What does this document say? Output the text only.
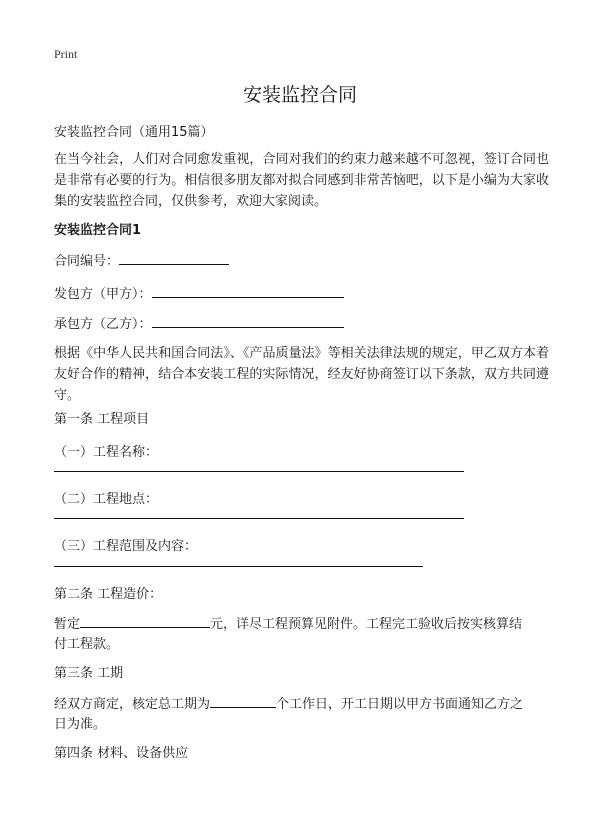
Print
安装监控合同
安装监控合同（通用15篇）
在当今社会，人们对合同愈发重视，合同对我们的约束力越来越不可忽视，签订合同也是非常有必要的行为。相信很多朋友都对拟合同感到非常苦恼吧，以下是小编为大家收集的安装监控合同，仅供参考，欢迎大家阅读。
安装监控合同1
合同编号：
发包方（甲方）：
承包方（乙方）：
根据《中华人民共和国合同法》、《产品质量法》等相关法律法规的规定，甲乙双方本着友好合作的精神，结合本安装工程的实际情况，经友好协商签订以下条款，双方共同遵守。
第一条 工程项目
（一）工程名称：
（二）工程地点：
（三）工程范围及内容：
第二条 工程造价：
暂定	元，详尽工程预算见附件。工程完工验收后按实核算结
付工程款。
第三条 工期
经双方商定，核定总工期为	个工作日，开工日期以甲方书面通知乙方之
日为准。
第四条 材料、设备供应
